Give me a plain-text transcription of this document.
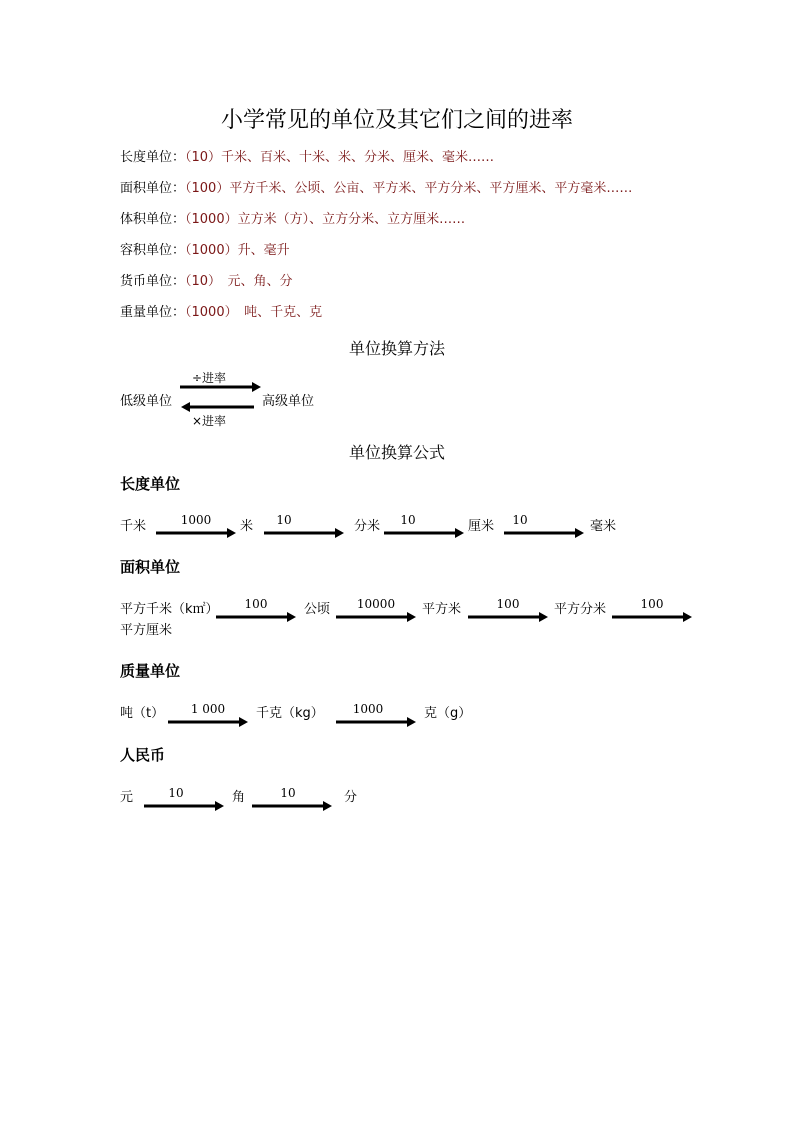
小学常见的单位及其它们之间的进率
长度单位：（10）千米、百米、十米、米、分米、厘米、毫米……
面积单位：（100）平方千米、公顷、公亩、平方米、平方分米、平方厘米、平方毫米……
体积单位：（1000）立方米（方）、立方分米、立方厘米……
容积单位：（1000）升、毫升
货币单位：（10）　元、角、分
重量单位：（1000）　吨、千克、克
单位换算方法
÷进率
低级单位	高级单位
×进率
单位换算公式
长度单位
千米	1000	米	10	分米	10	厘米	10	毫米
面积单位
平方千米（k㎡）	100	公顷	10000	平方米	100	平方分米	100
平方厘米
质量单位
吨（t）	1 000	千克（kg）	1000	克（g）
人民币
元	10	角	10	分
